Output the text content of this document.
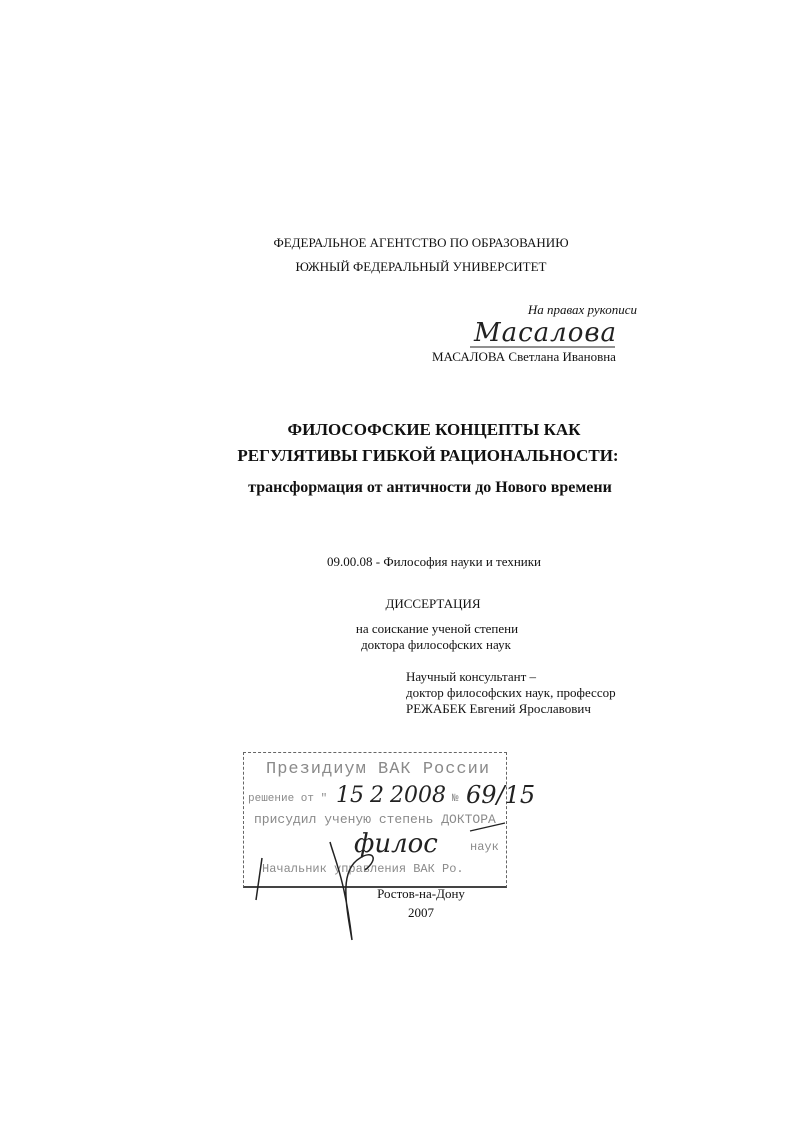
ФЕДЕРАЛЬНОЕ АГЕНТСТВО ПО ОБРАЗОВАНИЮ
ЮЖНЫЙ ФЕДЕРАЛЬНЫЙ УНИВЕРСИТЕТ
На правах рукописи
Масалова
МАСАЛОВА Светлана Ивановна
ФИЛОСОФСКИЕ КОНЦЕПТЫ КАК
РЕГУЛЯТИВЫ ГИБКОЙ РАЦИОНАЛЬНОСТИ:
трансформация от античности до Нового времени
09.00.08 - Философия науки и техники
ДИССЕРТАЦИЯ
на соискание ученой степени
доктора философских наук
Научный консультант –
доктор философских наук, профессор
РЕЖАБЕК Евгений Ярославович
Президиум ВАК России
решение от " 15 2 2008 № 69/15
присудил ученую степень ДОКТОРА
филос	наук
Начальник управления ВАК Ро.
Ростов-на-Дону
2007
